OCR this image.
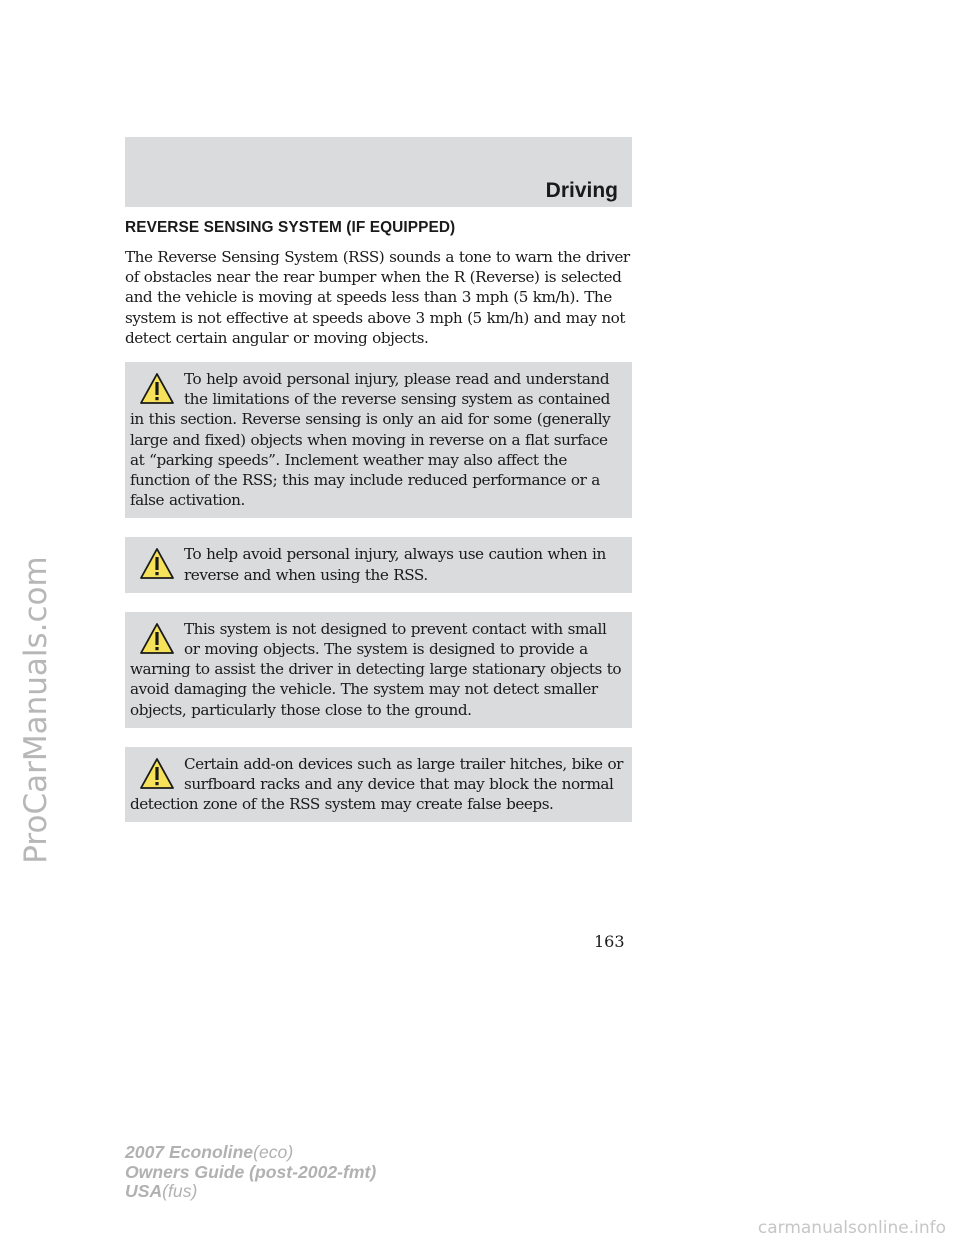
ProCarManuals.com
Driving
REVERSE SENSING SYSTEM (IF EQUIPPED)

The Reverse Sensing System (RSS) sounds a tone to warn the driver of obstacles near the rear bumper when the R (Reverse) is selected and the vehicle is moving at speeds less than 3 mph (5 km/h). The system is not effective at speeds above 3 mph (5 km/h) and may not detect certain angular or moving objects.

To help avoid personal injury, please read and understand the limitations of the reverse sensing system as contained in this section. Reverse sensing is only an aid for some (generally large and fixed) objects when moving in reverse on a flat surface at “parking speeds”. Inclement weather may also affect the function of the RSS; this may include reduced performance or a false activation.
To help avoid personal injury, always use caution when in reverse and when using the RSS.
This system is not designed to prevent contact with small or moving objects. The system is designed to provide a warning to assist the driver in detecting large stationary objects to avoid damaging the vehicle. The system may not detect smaller objects, particularly those close to the ground.
Certain add-on devices such as large trailer hitches, bike or surfboard racks and any device that may block the normal detection zone of the RSS system may create false beeps.
163
2007 Econoline(eco)
Owners Guide (post-2002-fmt)
USA(fus)
carmanualsonline.info
